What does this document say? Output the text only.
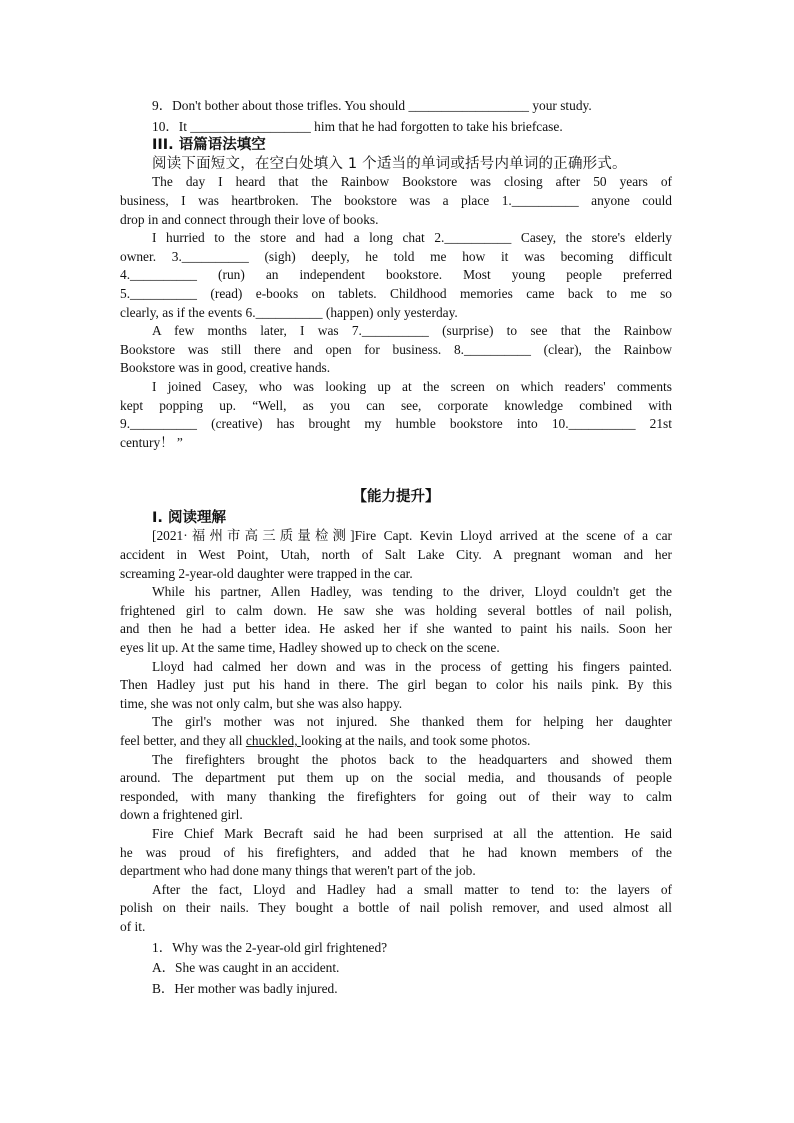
9．Don't bother about those trifles. You should __________________ your study.

10．It __________________ him that he had forgotten to take his briefcase.

III. 语篇语法填空

阅读下面短文，在空白处填入 1 个适当的单词或括号内单词的正确形式。

The day I heard that the Rainbow Bookstore was closing after 50 years of

business, I was heartbroken. The bookstore was a place 1.__________ anyone could

drop in and connect through their love of books.

I hurried to the store and had a long chat 2.__________ Casey, the store's elderly

owner. 3.__________ (sigh) deeply, he told me how it was becoming difficult

4.__________ (run) an independent bookstore. Most young people preferred

5.__________ (read) e-books on tablets. Childhood memories came back to me so

clearly, as if the events 6.__________ (happen) only yesterday.

A few months later, I was 7.__________ (surprise) to see that the Rainbow

Bookstore was still there and open for business. 8.__________ (clear), the Rainbow

Bookstore was in good, creative hands.

I joined Casey, who was looking up at the screen on which readers' comments

kept popping up. “Well, as you can see, corporate knowledge combined with

9.__________ (creative) has brought my humble bookstore into 10.__________ 21st

century！ ”

【能力提升】

Ⅰ. 阅读理解

[2021·福州市高三质量检测]Fire Capt. Kevin Lloyd arrived at the scene of a car

accident in West Point, Utah, north of Salt Lake City. A pregnant woman and her

screaming 2-year-old daughter were trapped in the car.

While his partner, Allen Hadley, was tending to the driver, Lloyd couldn't get the

frightened girl to calm down. He saw she was holding several bottles of nail polish,

and then he had a better idea. He asked her if she wanted to paint his nails. Soon her

eyes lit up. At the same time, Hadley showed up to check on the scene.

Lloyd had calmed her down and was in the process of getting his fingers painted.

Then Hadley just put his hand in there. The girl began to color his nails pink. By this

time, she was not only calm, but she was also happy.

The girl's mother was not injured. She thanked them for helping her daughter

feel better, and they all chuckled, looking at the nails, and took some photos.

The firefighters brought the photos back to the headquarters and showed them

around. The department put them up on the social media, and thousands of people

responded, with many thanking the firefighters for going out of their way to calm

down a frightened girl.

Fire Chief Mark Becraft said he had been surprised at all the attention. He said

he was proud of his firefighters, and added that he had known members of the

department who had done many things that weren't part of the job.

After the fact, Lloyd and Hadley had a small matter to tend to: the layers of

polish on their nails. They bought a bottle of nail polish remover, and used almost all

of it.

1．Why was the 2-year-old girl frightened?

A．She was caught in an accident.

B．Her mother was badly injured.
